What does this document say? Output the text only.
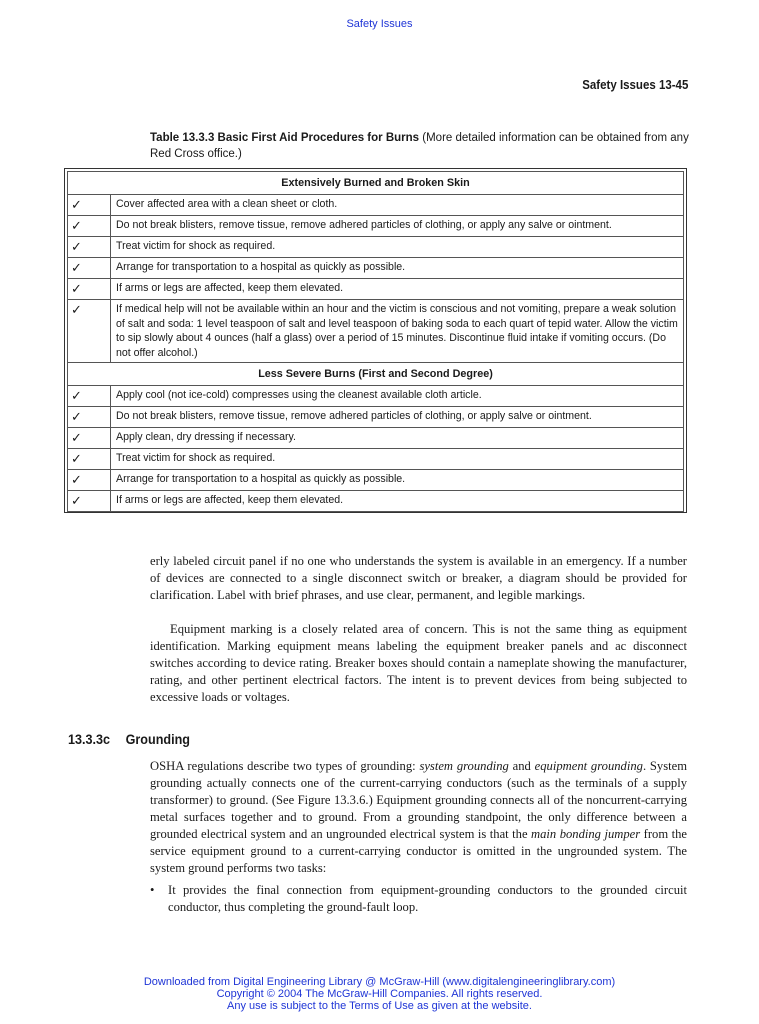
Safety Issues
Safety Issues 13-45
Table 13.3.3 Basic First Aid Procedures for Burns (More detailed information can be obtained from any Red Cross office.)
Extensively Burned and Broken Skin	
✓	Cover affected area with a clean sheet or cloth.
✓	Do not break blisters, remove tissue, remove adhered particles of clothing, or apply any salve or ointment.
✓	Treat victim for shock as required.
✓	Arrange for transportation to a hospital as quickly as possible.
✓	If arms or legs are affected, keep them elevated.
✓	If medical help will not be available within an hour and the victim is conscious and not vomiting, prepare a weak solution of salt and soda: 1 level teaspoon of salt and level teaspoon of baking soda to each quart of tepid water. Allow the victim to sip slowly about 4 ounces (half a glass) over a period of 15 minutes. Discontinue fluid intake if vomiting occurs. (Do not offer alcohol.)
Less Severe Burns (First and Second Degree)	
✓	Apply cool (not ice-cold) compresses using the cleanest available cloth article.
✓	Do not break blisters, remove tissue, remove adhered particles of clothing, or apply salve or ointment.
✓	Apply clean, dry dressing if necessary.
✓	Treat victim for shock as required.
✓	Arrange for transportation to a hospital as quickly as possible.
✓	If arms or legs are affected, keep them elevated.
erly labeled circuit panel if no one who understands the system is available in an emergency. If a number of devices are connected to a single disconnect switch or breaker, a diagram should be provided for clarification. Label with brief phrases, and use clear, permanent, and legible markings.
Equipment marking is a closely related area of concern. This is not the same thing as equipment identification. Marking equipment means labeling the equipment breaker panels and ac disconnect switches according to device rating. Breaker boxes should contain a nameplate showing the manufacturer, rating, and other pertinent electrical factors. The intent is to prevent devices from being subjected to excessive loads or voltages.
13.3.3c Grounding
OSHA regulations describe two types of grounding: system grounding and equipment grounding. System grounding actually connects one of the current-carrying conductors (such as the terminals of a supply transformer) to ground. (See Figure 13.3.6.) Equipment grounding connects all of the noncurrent-carrying metal surfaces together and to ground. From a grounding standpoint, the only difference between a grounded electrical system and an ungrounded electrical system is that the main bonding jumper from the service equipment ground to a current-carrying conductor is omitted in the ungrounded system. The system ground performs two tasks:
• It provides the final connection from equipment-grounding conductors to the grounded circuit conductor, thus completing the ground-fault loop.
Downloaded from Digital Engineering Library @ McGraw-Hill (www.digitalengineeringlibrary.com)
Copyright © 2004 The McGraw-Hill Companies. All rights reserved.
Any use is subject to the Terms of Use as given at the website.
